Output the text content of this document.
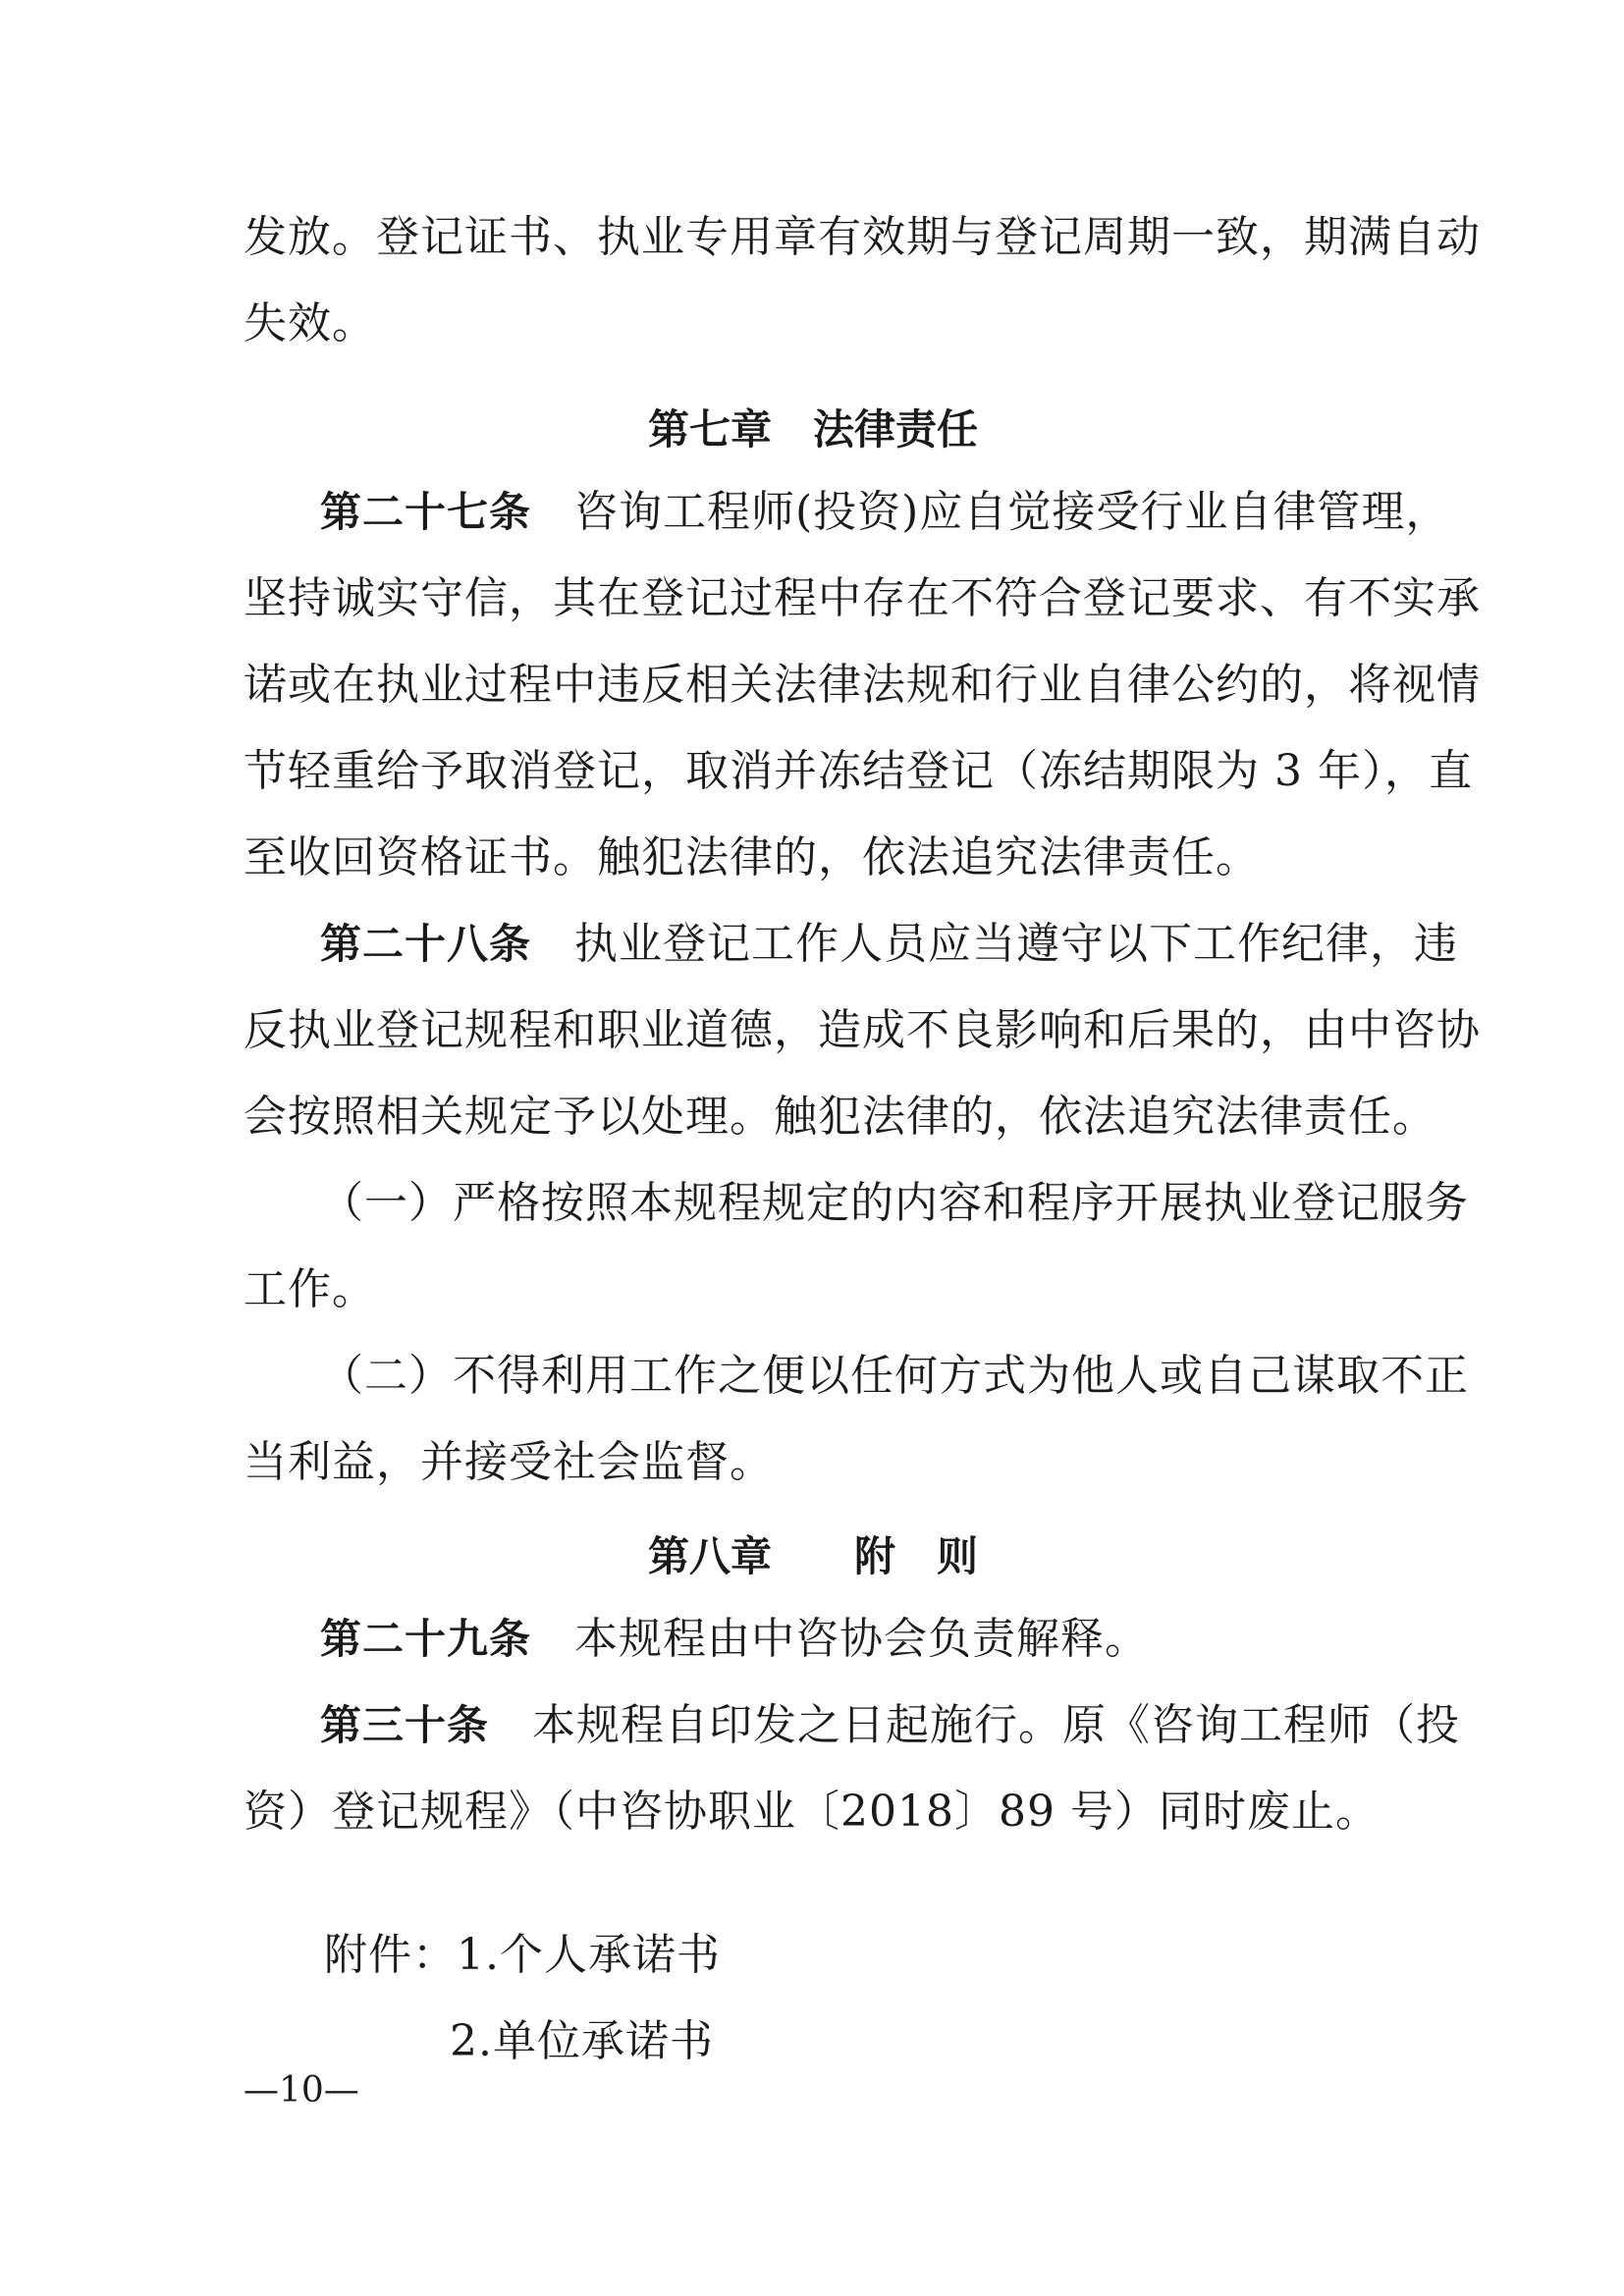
发放。登记证书、执业专用章有效期与登记周期一致，期满自动
失效。
第七章　法律责任
第二十七条 咨询工程师(投资)应自觉接受行业自律管理，
坚持诚实守信，其在登记过程中存在不符合登记要求、有不实承
诺或在执业过程中违反相关法律法规和行业自律公约的，将视情
节轻重给予取消登记，取消并冻结登记（冻结期限为 3 年），直
至收回资格证书。触犯法律的，依法追究法律责任。
第二十八条 执业登记工作人员应当遵守以下工作纪律，违
反执业登记规程和职业道德，造成不良影响和后果的，由中咨协
会按照相关规定予以处理。触犯法律的，依法追究法律责任。
（一）严格按照本规程规定的内容和程序开展执业登记服务
工作。
（二）不得利用工作之便以任何方式为他人或自己谋取不正
当利益，并接受社会监督。
第八章　　附　则
第二十九条 本规程由中咨协会负责解释。
第三十条 本规程自印发之日起施行。原《咨询工程师（投
资）登记规程》（中咨协职业〔2018〕89 号）同时废止。
附件：1.个人承诺书
2.单位承诺书
—10—
